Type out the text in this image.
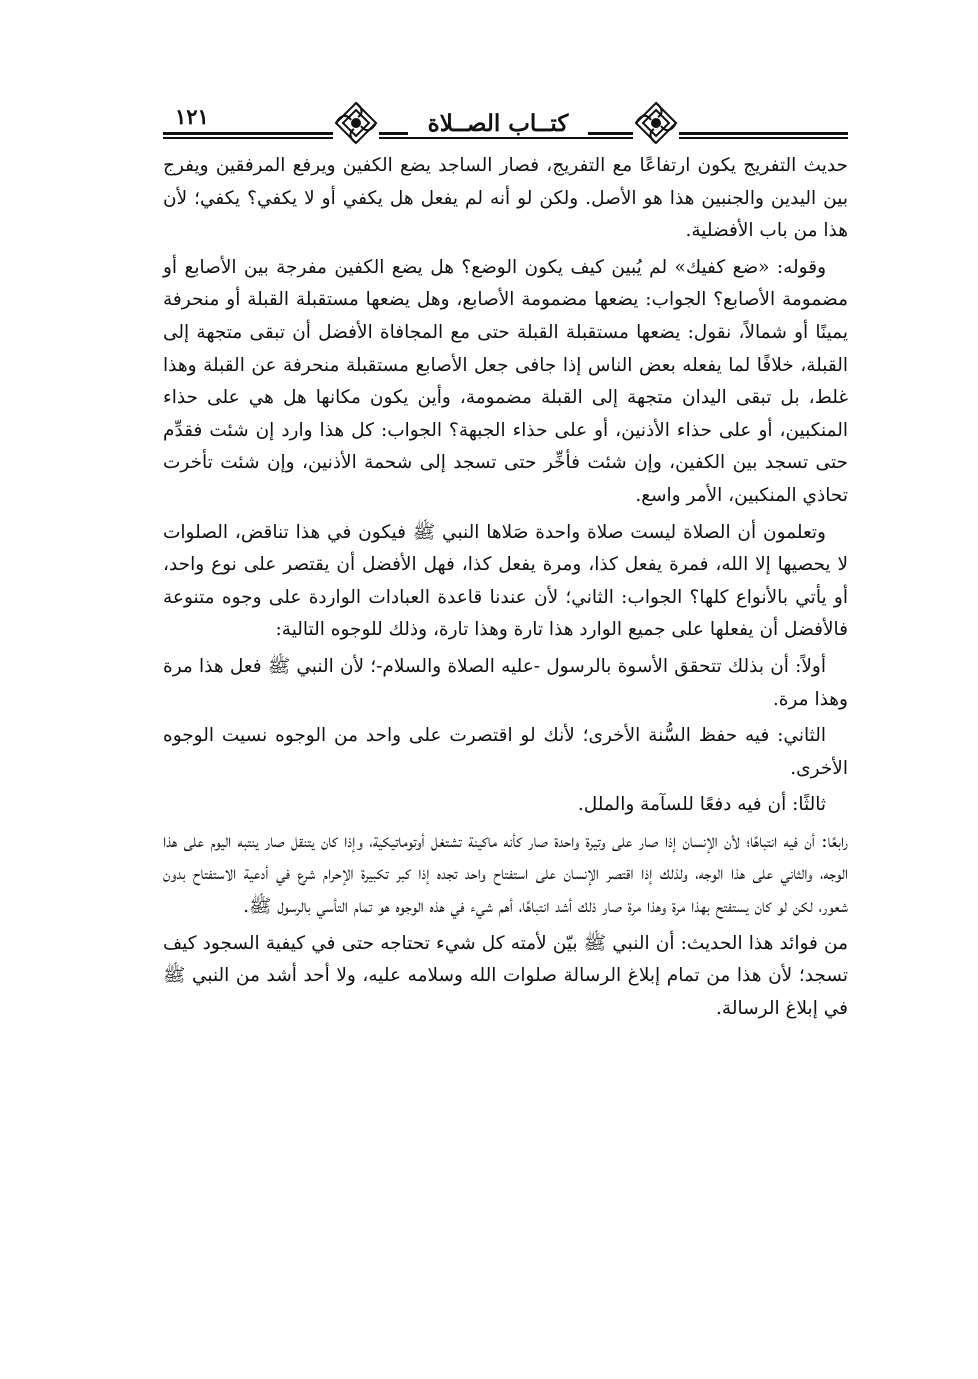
١٢١	كتــاب الصــلاة

حديث التفريج يكون ارتفاعًا مع التفريج، فصار الساجد يضع الكفين ويرفع المرفقين ويفرج بين اليدين والجنبين هذا هو الأصل. ولكن لو أنه لم يفعل هل يكفي أو لا يكفي؟ يكفي؛ لأن هذا من باب الأفضلية.

وقوله: «ضع كفيك» لم يُبين كيف يكون الوضع؟ هل يضع الكفين مفرجة بين الأصابع أو مضمومة الأصابع؟ الجواب: يضعها مضمومة الأصابع، وهل يضعها مستقبلة القبلة أو منحرفة يمينًا أو شمالاً، نقول: يضعها مستقبلة القبلة حتى مع المجافاة الأفضل أن تبقى متجهة إلى القبلة، خلافًا لما يفعله بعض الناس إذا جافى جعل الأصابع مستقبلة منحرفة عن القبلة وهذا غلط، بل تبقى اليدان متجهة إلى القبلة مضمومة، وأين يكون مكانها هل هي على حذاء المنكبين، أو على حذاء الأذنين، أو على حذاء الجبهة؟ الجواب: كل هذا وارد إن شئت فقدِّم حتى تسجد بين الكفين، وإن شئت فأخِّر حتى تسجد إلى شحمة الأذنين، وإن شئت تأخرت تحاذي المنكبين، الأمر واسع.

وتعلمون أن الصلاة ليست صلاة واحدة صَلاها النبي ﷺ فيكون في هذا تناقض، الصلوات لا يحصيها إلا الله، فمرة يفعل كذا، ومرة يفعل كذا، فهل الأفضل أن يقتصر على نوع واحد، أو يأتي بالأنواع كلها؟ الجواب: الثاني؛ لأن عندنا قاعدة العبادات الواردة على وجوه متنوعة فالأفضل أن يفعلها على جميع الوارد هذا تارة وهذا تارة، وذلك للوجوه التالية:

أولاً: أن بذلك تتحقق الأسوة بالرسول -عليه الصلاة والسلام-؛ لأن النبي ﷺ فعل هذا مرة وهذا مرة.

الثاني: فيه حفظ السُّنة الأخرى؛ لأنك لو اقتصرت على واحد من الوجوه نسيت الوجوه الأخرى.

ثالثًا: أن فيه دفعًا للسآمة والملل.

رابعًا: أن فيه انتباهًا؛ لأن الإنسان إذا صار على وتيرة واحدة صار كأنه ماكينة تشتغل أوتوماتيكية، وإذا كان يتنقل صار ينتبه اليوم على هذا الوجه، والثاني على هذا الوجه، ولذلك إذا اقتصر الإنسان على استفتاح واحد تجده إذا كبر تكبيرة الإحرام شرع في أدعية الاستفتاح بدون شعور، لكن لو كان يستفتح بهذا مرة وهذا مرة صار ذلك أشد انتباهًا، أهم شيء في هذه الوجوه هو تمام التأسي بالرسول ﷺ.

من فوائد هذا الحديث: أن النبي ﷺ بيّن لأمته كل شيء تحتاجه حتى في كيفية السجود كيف تسجد؛ لأن هذا من تمام إبلاغ الرسالة صلوات الله وسلامه عليه، ولا أحد أشد من النبي ﷺ في إبلاغ الرسالة.
